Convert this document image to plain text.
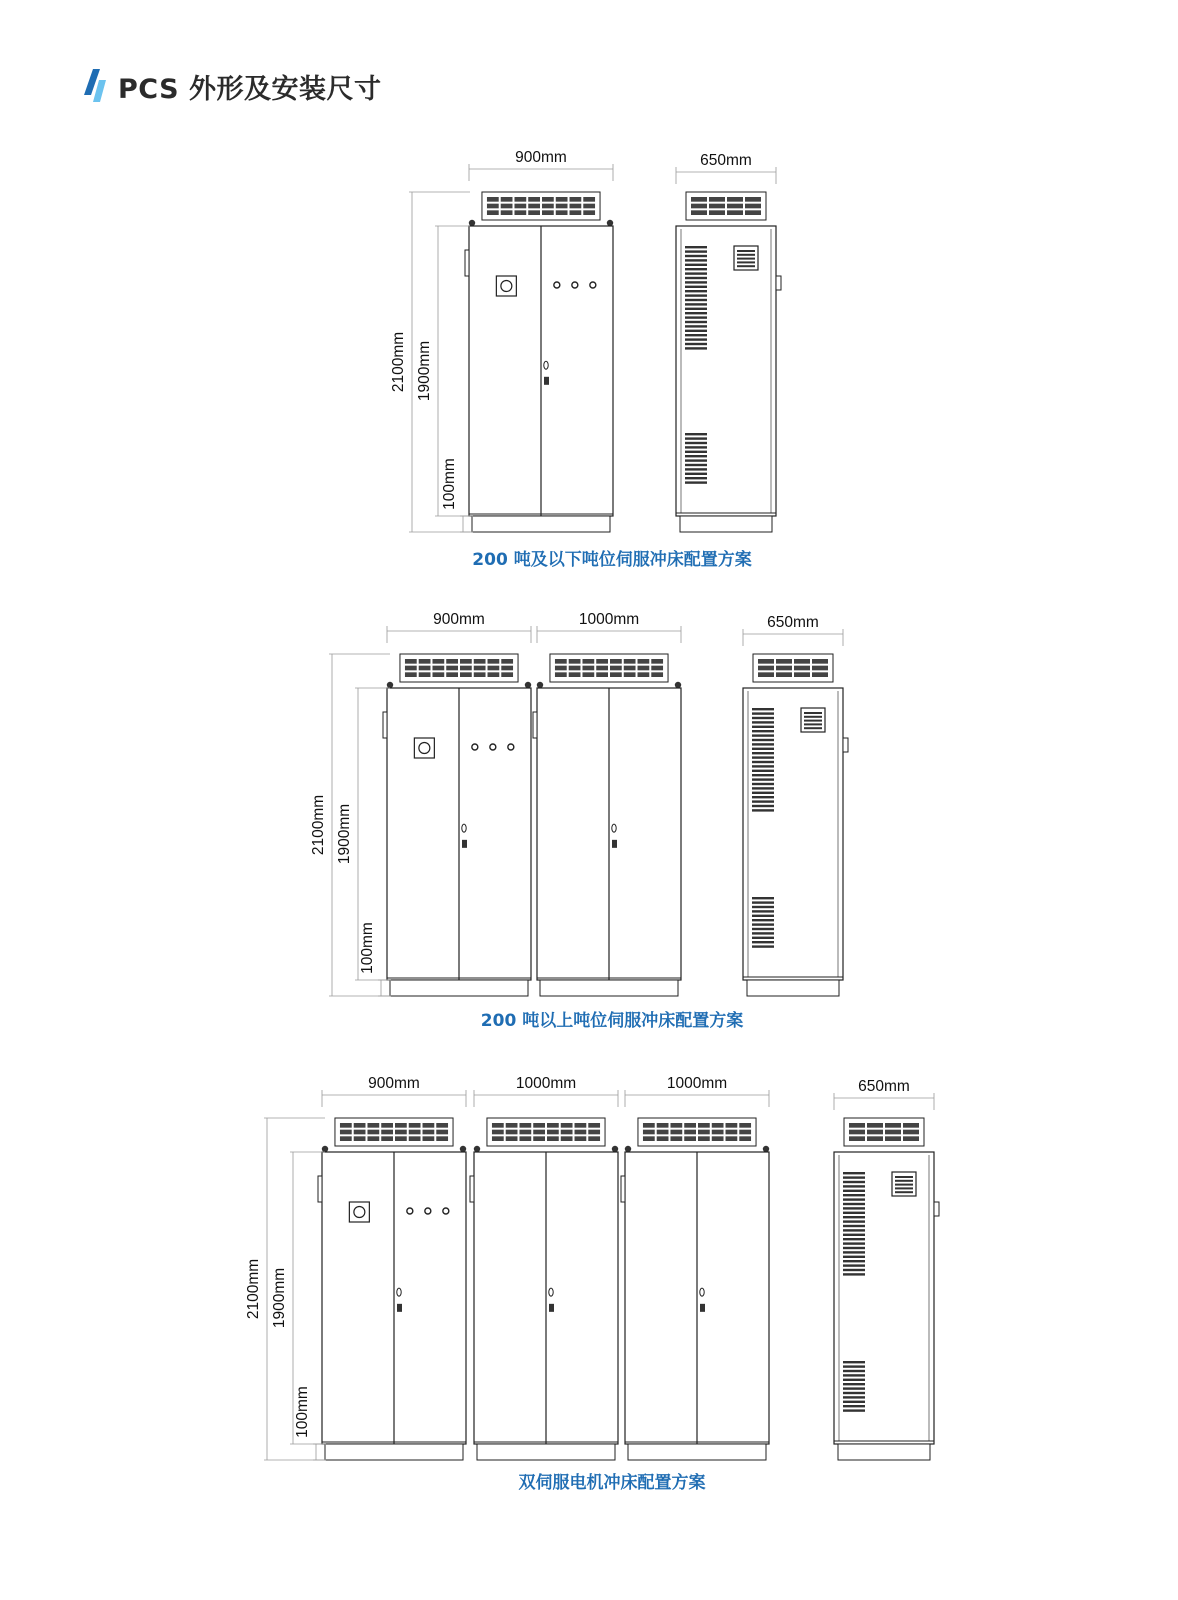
PCS 外形及安装尺寸
900mm	650mm
2100mm 1900mm
100mm
200 吨及以下吨位伺服冲床配置方案
900mm	1000mm	650mm
2100mm 1900mm
100mm
200 吨以上吨位伺服冲床配置方案
900mm	1000mm	1000mm	650mm
2100mm 1900mm
100mm
双伺服电机冲床配置方案
